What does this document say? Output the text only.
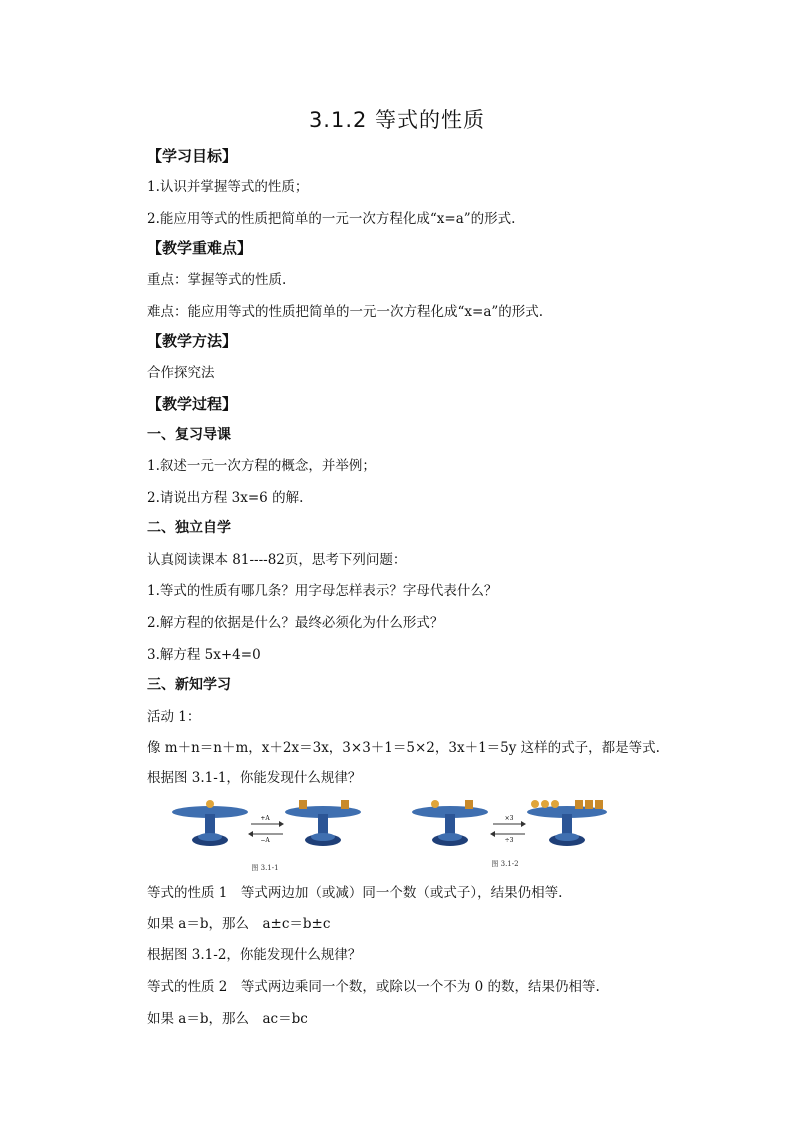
3.1.2 等式的性质
【学习目标】
1.认识并掌握等式的性质；
2.能应用等式的性质把简单的一元一次方程化成“x=a”的形式.
【教学重难点】
重点：掌握等式的性质.
难点：能应用等式的性质把简单的一元一次方程化成“x=a”的形式.
【教学方法】
合作探究法
【教学过程】
一、复习导课
1.叙述一元一次方程的概念，并举例；
2.请说出方程 3x=6 的解.
二、独立自学
认真阅读课本 81----82页，思考下列问题：
1.等式的性质有哪几条？用字母怎样表示？字母代表什么？
2.解方程的依据是什么？最终必须化为什么形式？
3.解方程 5x+4=0
三、新知学习
活动 1：
像 m＋n＝n＋m，x＋2x＝3x，3×3＋1＝5×2，3x＋1＝5y 这样的式子，都是等式.
根据图 3.1-1，你能发现什么规律？
+A
−A
图 3.1-1
×3
÷3
图 3.1-2
等式的性质 1　等式两边加（或减）同一个数（或式子），结果仍相等.
如果 a＝b，那么　a±c＝b±c
根据图 3.1-2，你能发现什么规律？
等式的性质 2　等式两边乘同一个数，或除以一个不为 0 的数，结果仍相等.
如果 a＝b，那么　ac＝bc
